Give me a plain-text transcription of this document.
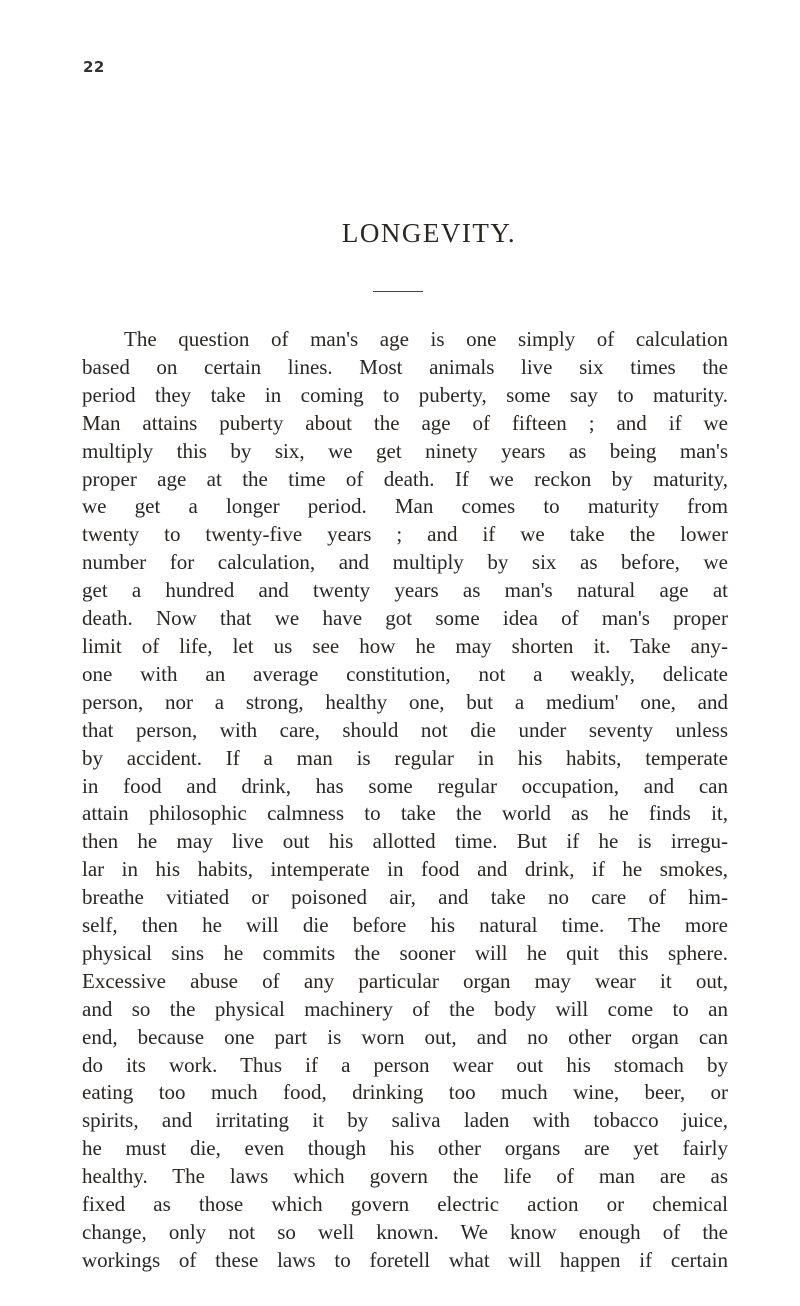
22
LONGEVITY.
The question of man's age is one simply of calculation
based on certain lines. Most animals live six times the
period they take in coming to puberty, some say to maturity.
Man attains puberty about the age of fifteen ; and if we
multiply this by six, we get ninety years as being man's
proper age at the time of death. If we reckon by maturity,
we get a longer period. Man comes to maturity from
twenty to twenty-five years ; and if we take the lower
number for calculation, and multiply by six as before, we
get a hundred and twenty years as man's natural age at
death. Now that we have got some idea of man's proper
limit of life, let us see how he may shorten it. Take any-
one with an average constitution, not a weakly, delicate
person, nor a strong, healthy one, but a medium' one, and
that person, with care, should not die under seventy unless
by accident. If a man is regular in his habits, temperate
in food and drink, has some regular occupation, and can
attain philosophic calmness to take the world as he finds it,
then he may live out his allotted time. But if he is irregu-
lar in his habits, intemperate in food and drink, if he smokes,
breathe vitiated or poisoned air, and take no care of him-
self, then he will die before his natural time. The more
physical sins he commits the sooner will he quit this sphere.
Excessive abuse of any particular organ may wear it out,
and so the physical machinery of the body will come to an
end, because one part is worn out, and no other organ can
do its work. Thus if a person wear out his stomach by
eating too much food, drinking too much wine, beer, or
spirits, and irritating it by saliva laden with tobacco juice,
he must die, even though his other organs are yet fairly
healthy. The laws which govern the life of man are as
fixed as those which govern electric action or chemical
change, only not so well known. We know enough of the
workings of these laws to foretell what will happen if certain
